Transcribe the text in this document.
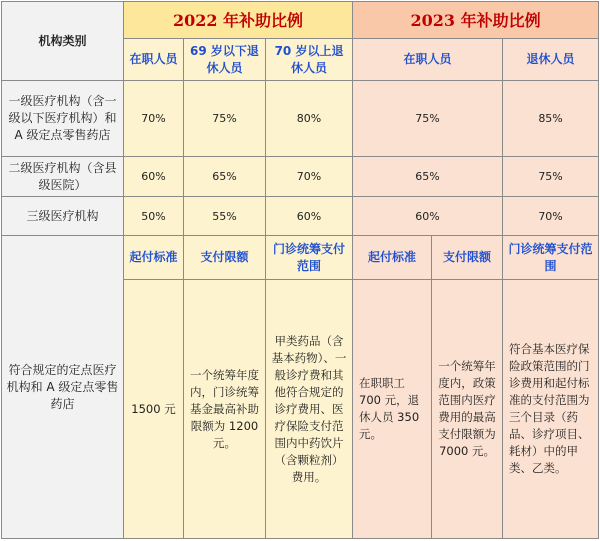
机构类别	2022 年补助比例			2023 年补助比例		
	在职人员	69 岁以下退休人员	70 岁以上退休人员	在职人员		退休人员
一级医疗机构（含一级以下医疗机构）和 A 级定点零售药店	70%	75%	80%	75%		85%
二级医疗机构（含县级医院）	60%	65%	70%	65%		75%
三级医疗机构	50%	55%	60%	60%		70%
符合规定的定点医疗机构和 A 级定点零售药店	起付标准	支付限额	门诊统筹支付范围	起付标准	支付限额	门诊统筹支付范围
	1500 元	一个统筹年度内，门诊统筹基金最高补助限额为 1200 元。	甲类药品（含基本药物）、一般诊疗费和其他符合规定的诊疗费用、医疗保险支付范围内中药饮片（含颗粒剂）费用。	在职职工 700 元，退休人员 350 元。	一个统筹年度内，政策范围内医疗费用的最高支付限额为 7000 元。	符合基本医疗保险政策范围的门诊费用和起付标准的支付范围为三个目录（药品、诊疗项目、耗材）中的甲类、乙类。
